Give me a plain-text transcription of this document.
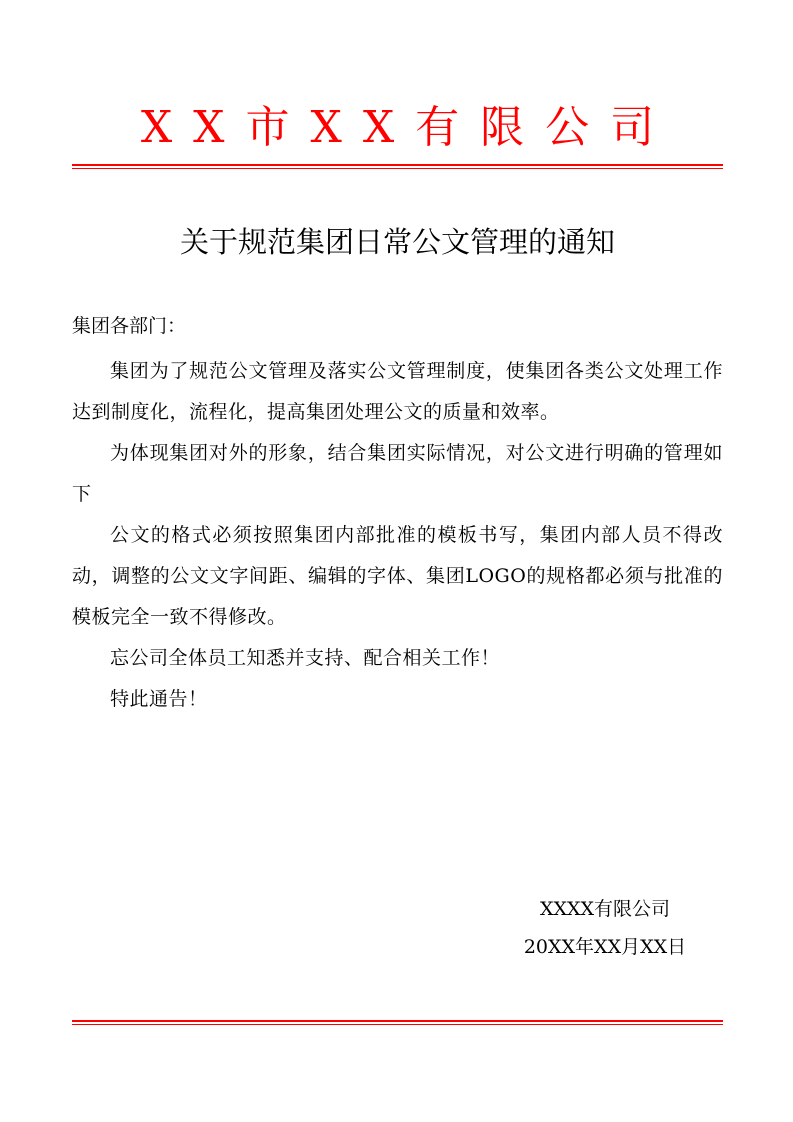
XX市XX有限公司
关于规范集团日常公文管理的通知
集团各部门：

集团为了规范公文管理及落实公文管理制度，使集团各类公文处理工作达到制度化，流程化，提高集团处理公文的质量和效率。

为体现集团对外的形象，结合集团实际情况，对公文进行明确的管理如下

公文的格式必须按照集团内部批准的模板书写，集团内部人员不得改动，调整的公文文字间距、编辑的字体、集团LOGO的规格都必须与批准的模板完全一致不得修改。

忘公司全体员工知悉并支持、配合相关工作！

特此通告！

XXXX有限公司
20XX年XX月XX日
